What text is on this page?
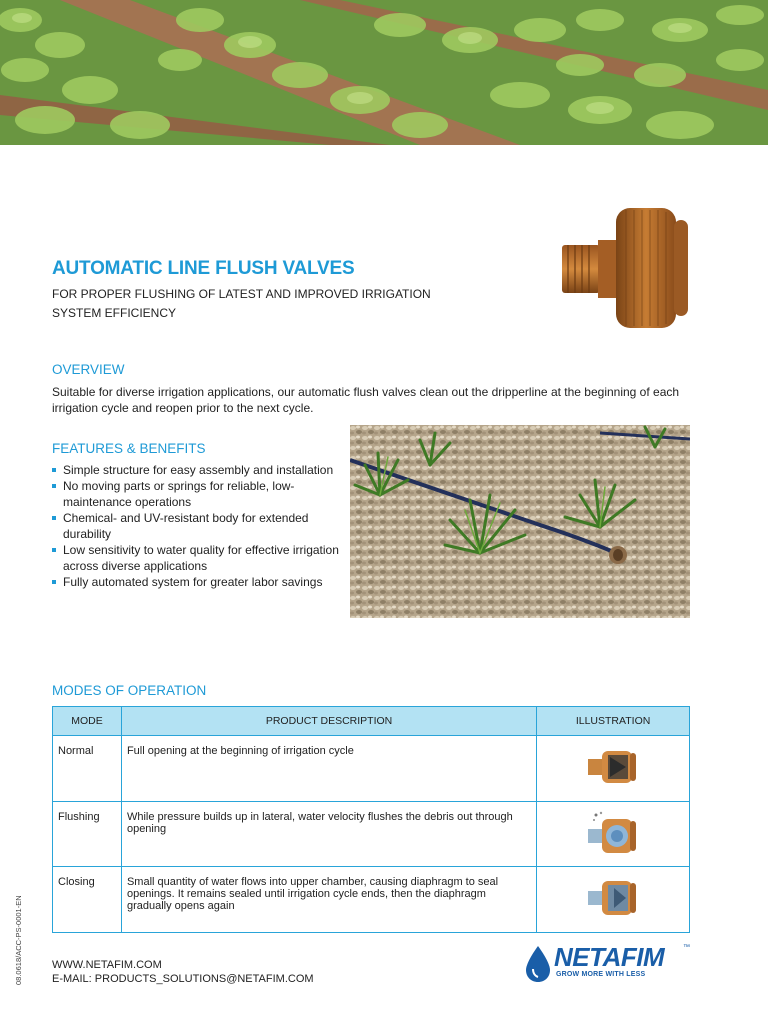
AUTOMATIC LINE FLUSH VALVES

FOR PROPER FLUSHING OF LATEST AND IMPROVED IRRIGATION SYSTEM EFFICIENCY

OVERVIEW

Suitable for diverse irrigation applications, our automatic flush valves clean out the dripperline at the beginning of each irrigation cycle and reopen prior to the next cycle.

FEATURES & BENEFITS
Simple structure for easy assembly and installation
No moving parts or springs for reliable, low-maintenance operations
Chemical- and UV-resistant body for extended durability
Low sensitivity to water quality for effective irrigation across diverse applications
Fully automated system for greater labor savings
MODES OF OPERATION
MODE	PRODUCT DESCRIPTION	ILLUSTRATION
Normal	Full opening at the beginning of irrigation cycle	
Flushing	While pressure builds up in lateral, water velocity flushes the debris out through opening	
Closing	Small quantity of water flows into upper chamber, causing diaphragm to seal openings. It remains sealed until irrigation cycle ends, then the diaphragm gradually opens again	
08.0618/ACC-PS-0001-EN	WWW.NETAFIM.COM
E-MAIL: PRODUCTS_SOLUTIONS@NETAFIM.COM
NETAFIM	™
GROW MORE WITH LESS
